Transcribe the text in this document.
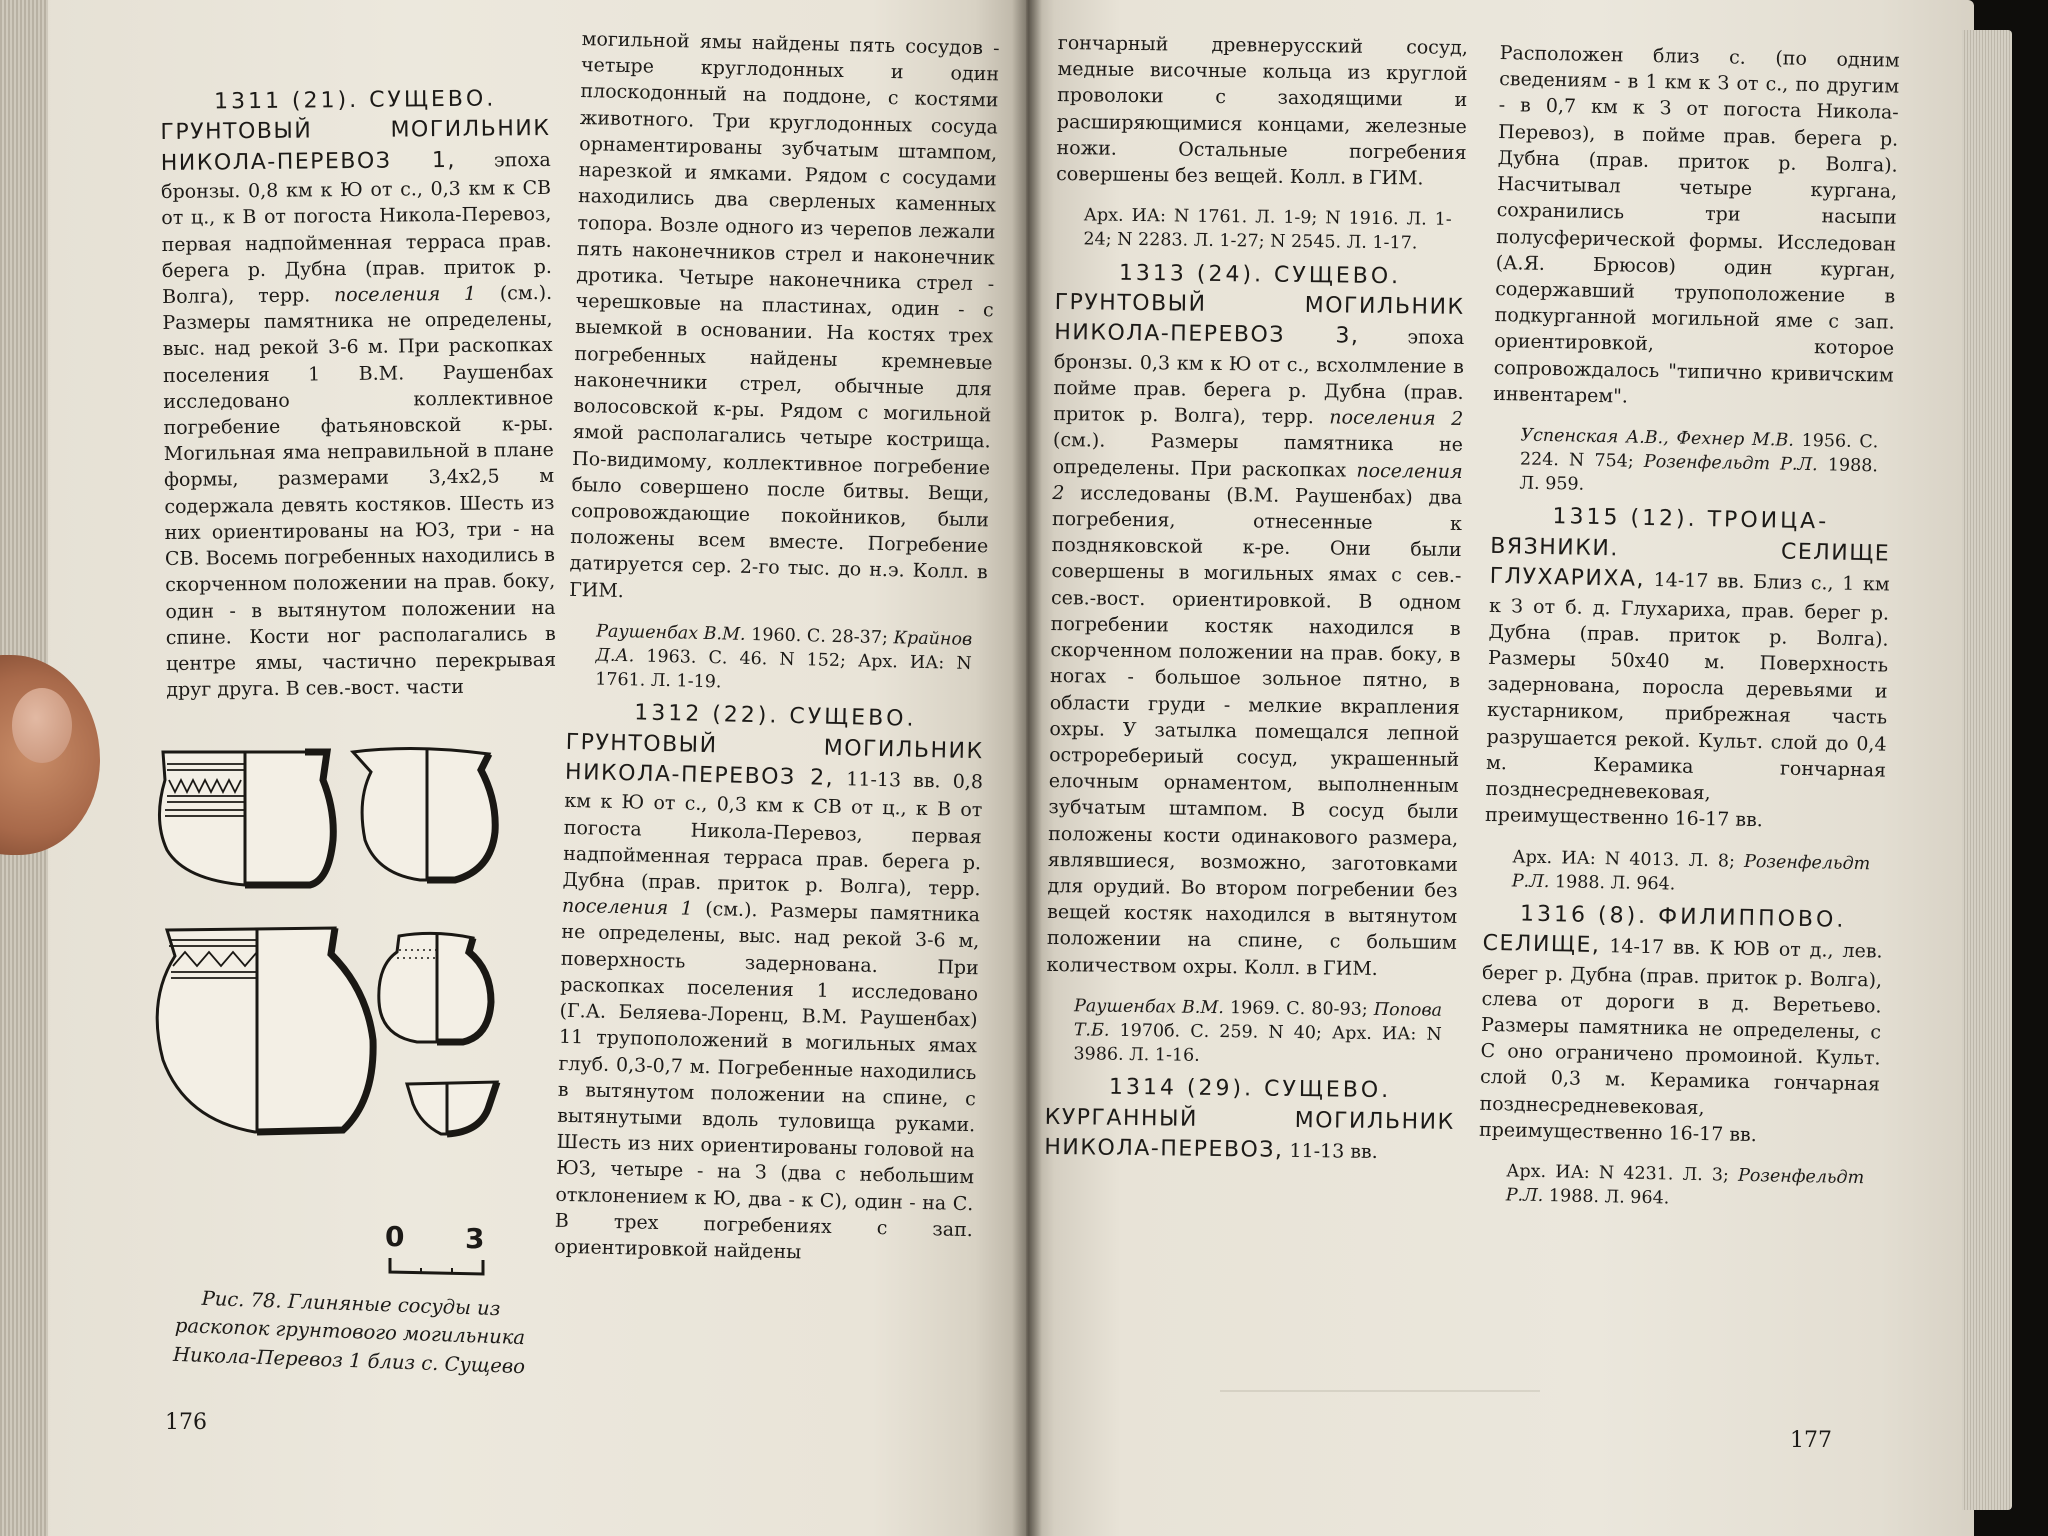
1311 (21). СУЩЕВО.
ГРУНТОВЫЙ МОГИЛЬНИК НИКОЛА-ПЕРЕВОЗ 1, эпоха бронзы. 0,8 км к Ю от с., 0,3 км к СВ от ц., к В от погоста Никола-Перевоз, первая надпойменная терраса прав. берега р. Дубна (прав. приток р. Волга), терр. поселения 1 (см.). Размеры памятника не определены, выс. над рекой 3-6 м. При раскопках поселения 1 В.М. Раушенбах исследовано коллективное погребение фатьяновской к-ры. Могильная яма неправильной в плане формы, размерами 3,4х2,5 м содержала девять костяков. Шесть из них ориентированы на ЮЗ, три - на СВ. Восемь погребенных находились в скорченном положении на прав. боку, один - в вытянутом положении на спине. Кости ног располагались в центре ямы, частично перекрывая друг друга. В сев.-вост. части

0 3
Рис. 78. Глиняные сосуды из раскопок грунтового могильника Никола-Перевоз 1 близ с. Сущево

могильной ямы найдены пять сосудов - четыре круглодонных и один плоскодонный на поддоне, с костями животного. Три круглодонных сосуда орнаментированы зубчатым штампом, нарезкой и ямками. Рядом с сосудами находились два сверленых каменных топора. Возле одного из черепов лежали пять наконечников стрел и наконечник дротика. Четыре наконечника стрел - черешковые на пластинах, один - с выемкой в основании. На костях трех погребенных найдены кремневые наконечники стрел, обычные для волосовской к-ры. Рядом с могильной ямой располагались четыре кострища. По-видимому, коллективное погребение было совершено после битвы. Вещи, сопровождающие покойников, были положены всем вместе. Погребение датируется сер. 2-го тыс. до н.э. Колл. в ГИМ.

Раушенбах В.М. 1960. С. 28-37; Крайнов Д.А. 1963. С. 46. N 152; Арх. ИА: N 1761. Л. 1-19.

1312 (22). СУЩЕВО.
ГРУНТОВЫЙ МОГИЛЬНИК НИКОЛА-ПЕРЕВОЗ 2, 11-13 вв. 0,8 км к Ю от с., 0,3 км к СВ от ц., к В от погоста Никола-Перевоз, первая надпойменная терраса прав. берега р. Дубна (прав. приток р. Волга), терр. поселения 1 (см.). Размеры памятника не определены, выс. над рекой 3-6 м, поверхность задернована. При раскопках поселения 1 исследовано (Г.А. Беляева-Лоренц, В.М. Раушенбах) 11 трупоположений в могильных ямах глуб. 0,3-0,7 м. Погребенные находились в вытянутом положении на спине, с вытянутыми вдоль туловища руками. Шесть из них ориентированы головой на ЮЗ, четыре - на З (два с небольшим отклонением к Ю, два - к С), один - на С. В трех погребениях с зап. ориентировкой найдены

176

гончарный древнерусский сосуд, медные височные кольца из круглой проволоки с заходящими и расширяющимися концами, железные ножи. Остальные погребения совершены без вещей. Колл. в ГИМ.

Арх. ИА: N 1761. Л. 1-9; N 1916. Л. 1-24; N 2283. Л. 1-27; N 2545. Л. 1-17.

1313 (24). СУЩЕВО.
ГРУНТОВЫЙ МОГИЛЬНИК НИКОЛА-ПЕРЕВОЗ 3,	эпоха бронзы. 0,3 км к Ю от с., всхолмление в пойме прав. берега р. Дубна (прав. приток р. Волга), терр. поселения 2 (см.). Размеры памятника не определены. При раскопках поселения 2 исследованы (В.М. Раушенбах) два погребения, отнесенные к поздняковской к-ре. Они были совершены в могильных ямах с сев.-сев.-вост. ориентировкой. В одном погребении костяк находился в скорченном положении на прав. боку, в ногах - большое зольное пятно, в области груди - мелкие вкрапления охры. У затылка помещался лепной остроребериый сосуд, украшенный елочным орнаментом, выполненным зубчатым штампом. В сосуд были положены кости одинакового размера, являвшиеся, возможно, заготовками для орудий. Во втором погребении без вещей костяк находился в вытянутом положении на спине, с большим количеством охры. Колл. в ГИМ.

Раушенбах В.М. 1969. С. 80-93; Попова Т.Б. 1970б. С. 259. N 40; Арх. ИА: N 3986. Л. 1-16.

1314 (29). СУЩЕВО.
КУРГАННЫЙ МОГИЛЬНИК НИКОЛА-ПЕРЕВОЗ, 11-13 вв.

Расположен близ с. (по одним сведениям - в 1 км к З от с., по другим - в 0,7 км к З от погоста Никола-Перевоз), в пойме прав. берега р. Дубна (прав. приток р. Волга). Насчитывал четыре кургана, сохранились три насыпи полусферической формы. Исследован (А.Я. Брюсов) один курган, содержавший трупоположение в подкурганной могильной яме с зап. ориентировкой, которое сопровождалось "типично кривичским инвентарем".

Успенская А.В., Фехнер М.В. 1956. С. 224. N 754; Розенфельдт Р.Л. 1988. Л. 959.

1315 (12). ТРОИЦА-
ВЯЗНИКИ. СЕЛИЩЕ ГЛУХАРИХА, 14-17 вв. Близ с., 1 км к З от б. д. Глухариха, прав. берег р. Дубна (прав. приток р. Волга). Размеры 50х40 м. Поверхность задернована, поросла деревьями и кустарником, прибрежная часть разрушается рекой. Культ. слой до 0,4 м. Керамика гончарная позднесредневековая, преимущественно 16-17 вв.

Арх. ИА: N 4013. Л. 8; Розенфельдт Р.Л. 1988. Л. 964.

1316 (8). ФИЛИППОВО.
СЕЛИЩЕ, 14-17 вв. К ЮВ от д., лев. берег р. Дубна (прав. приток р. Волга), слева от дороги в д. Веретьево. Размеры памятника не определены, с С оно ограничено промоиной. Культ. слой 0,3 м. Керамика гончарная позднесредневековая, преимущественно 16-17 вв.

Арх. ИА: N 4231. Л. 3; Розенфельдт Р.Л. 1988. Л. 964.

177
